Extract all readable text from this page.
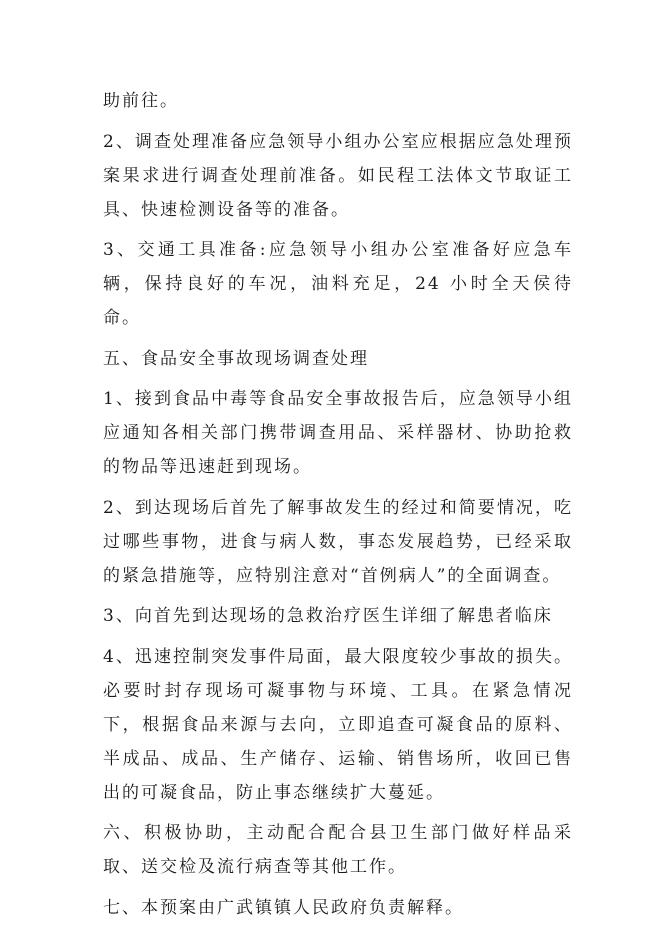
助前往。

2、调查处理准备应急领导小组办公室应根据应急处理预案果求进行调查处理前准备。如民程工法体文节取证工具、快速检测设备等的准备。

3、交通工具准备:应急领导小组办公室准备好应急车辆，保持良好的车况，油料充足，24 小时全天侯待命。

五、食品安全事故现场调查处理

1、接到食品中毒等食品安全事故报告后，应急领导小组应通知各相关部门携带调查用品、采样器材、协助抢救的物品等迅速赶到现场。

2、到达现场后首先了解事故发生的经过和简要情况，吃过哪些事物，进食与病人数，事态发展趋势，已经采取的紧急措施等，应特别注意对“首例病人”的全面调查。

3、向首先到达现场的急救治疗医生详细了解患者临床

4、迅速控制突发事件局面，最大限度较少事故的损失。必要时封存现场可凝事物与环境、工具。在紧急情况下，根据食品来源与去向，立即追查可凝食品的原料、半成品、成品、生产储存、运输、销售场所，收回已售出的可凝食品，防止事态继续扩大蔓延。

六、积极协助，主动配合配合县卫生部门做好样品采取、送交检及流行病查等其他工作。

七、本预案由广武镇镇人民政府负责解释。
